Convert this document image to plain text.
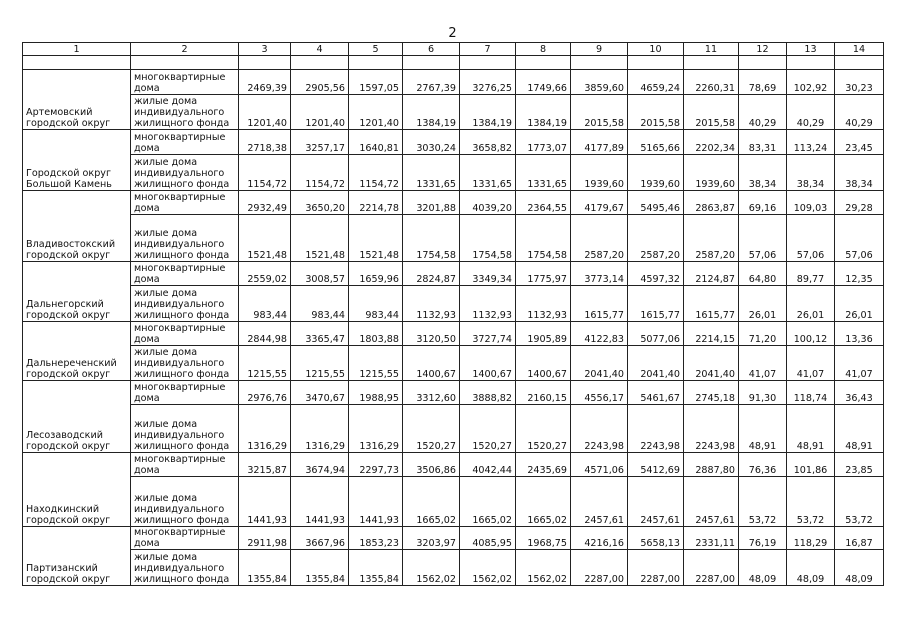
2
1	2	3	4	5	6	7	8	9	10	11	12	13	14

Артемовский городской округ	многоквартирные дома	2469,39	2905,56	1597,05	2767,39	3276,25	1749,66	3859,60	4659,24	2260,31	78,69	102,92	30,23
	жилые дома индивидуального жилищного фонда	1201,40	1201,40	1201,40	1384,19	1384,19	1384,19	2015,58	2015,58	2015,58	40,29	40,29	40,29
Городской округ Большой Камень	многоквартирные дома	2718,38	3257,17	1640,81	3030,24	3658,82	1773,07	4177,89	5165,66	2202,34	83,31	113,24	23,45
	жилые дома индивидуального жилищного фонда	1154,72	1154,72	1154,72	1331,65	1331,65	1331,65	1939,60	1939,60	1939,60	38,34	38,34	38,34
Владивостокский городской округ	многоквартирные дома	2932,49	3650,20	2214,78	3201,88	4039,20	2364,55	4179,67	5495,46	2863,87	69,16	109,03	29,28
	жилые дома индивидуального жилищного фонда	1521,48	1521,48	1521,48	1754,58	1754,58	1754,58	2587,20	2587,20	2587,20	57,06	57,06	57,06
Дальнегорский городской округ	многоквартирные дома	2559,02	3008,57	1659,96	2824,87	3349,34	1775,97	3773,14	4597,32	2124,87	64,80	89,77	12,35
	жилые дома индивидуального жилищного фонда	983,44	983,44	983,44	1132,93	1132,93	1132,93	1615,77	1615,77	1615,77	26,01	26,01	26,01
Дальнереченский городской округ	многоквартирные дома	2844,98	3365,47	1803,88	3120,50	3727,74	1905,89	4122,83	5077,06	2214,15	71,20	100,12	13,36
	жилые дома индивидуального жилищного фонда	1215,55	1215,55	1215,55	1400,67	1400,67	1400,67	2041,40	2041,40	2041,40	41,07	41,07	41,07
Лесозаводский городской округ	многоквартирные дома	2976,76	3470,67	1988,95	3312,60	3888,82	2160,15	4556,17	5461,67	2745,18	91,30	118,74	36,43
	жилые дома индивидуального жилищного фонда	1316,29	1316,29	1316,29	1520,27	1520,27	1520,27	2243,98	2243,98	2243,98	48,91	48,91	48,91
Находкинский городской округ	многоквартирные дома	3215,87	3674,94	2297,73	3506,86	4042,44	2435,69	4571,06	5412,69	2887,80	76,36	101,86	23,85
	жилые дома индивидуального жилищного фонда	1441,93	1441,93	1441,93	1665,02	1665,02	1665,02	2457,61	2457,61	2457,61	53,72	53,72	53,72
Партизанский городской округ	многоквартирные дома	2911,98	3667,96	1853,23	3203,97	4085,95	1968,75	4216,16	5658,13	2331,11	76,19	118,29	16,87
	жилые дома индивидуального жилищного фонда	1355,84	1355,84	1355,84	1562,02	1562,02	1562,02	2287,00	2287,00	2287,00	48,09	48,09	48,09
